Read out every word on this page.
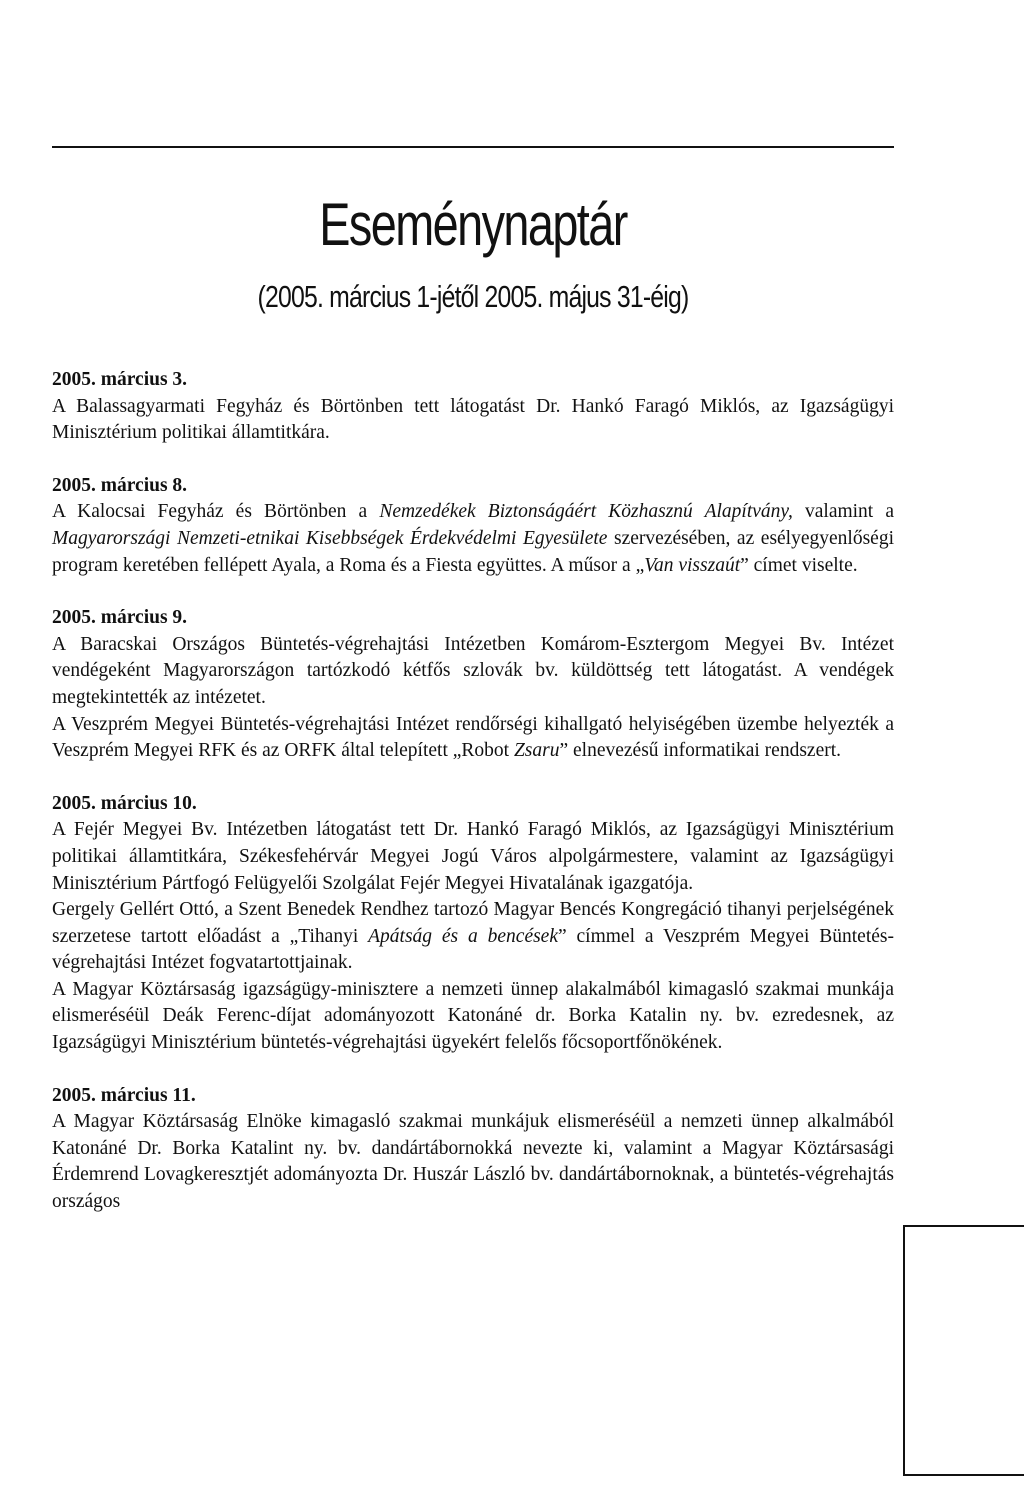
Eseménynaptár
(2005. március 1-jétől 2005. május 31-éig)
2005. március 3.

A Balassagyarmati Fegyház és Börtönben tett látogatást Dr. Hankó Faragó Miklós, az Igazságügyi Minisztérium politikai államtitkára.

2005. március 8.

A Kalocsai Fegyház és Börtönben a Nemzedékek Biztonságáért Közhasznú Alapítvány, valamint a Magyarországi Nemzeti-etnikai Kisebbségek Érdekvédelmi Egyesülete szervezésében, az esélyegyenlőségi program keretében fellépett Ayala, a Roma és a Fiesta együttes. A műsor a „Van visszaút” címet viselte.

2005. március 9.

A Baracskai Országos Büntetés-végrehajtási Intézetben Komárom-Esztergom Megyei Bv. Intézet vendégeként Magyarországon tartózkodó kétfős szlovák bv. küldöttség tett látogatást. A vendégek megtekintették az intézetet.

A Veszprém Megyei Büntetés-végrehajtási Intézet rendőrségi kihallgató helyiségében üzembe helyezték a Veszprém Megyei RFK és az ORFK által telepített „Robot Zsaru” elnevezésű informatikai rendszert.

2005. március 10.

A Fejér Megyei Bv. Intézetben látogatást tett Dr. Hankó Faragó Miklós, az Igazságügyi Minisztérium politikai államtitkára, Székesfehérvár Megyei Jogú Város alpolgármestere, valamint az Igazságügyi Minisztérium Pártfogó Felügyelői Szolgálat Fejér Megyei Hivatalának igazgatója.

Gergely Gellért Ottó, a Szent Benedek Rendhez tartozó Magyar Bencés Kongregáció tihanyi perjelségének szerzetese tartott előadást a „Tihanyi Apátság és a bencések” címmel a Veszprém Megyei Büntetés-végrehajtási Intézet fogvatartottjainak.

A Magyar Köztársaság igazságügy-minisztere a nemzeti ünnep alakalmából kimagasló szakmai munkája elismeréséül Deák Ferenc-díjat adományozott Katonáné dr. Borka Katalin ny. bv. ezredesnek, az Igazságügyi Minisztérium büntetés-végrehajtási ügyekért felelős főcsoportfőnökének.

2005. március 11.

A Magyar Köztársaság Elnöke kimagasló szakmai munkájuk elismeréséül a nemzeti ünnep alkalmából Katonáné Dr. Borka Katalint ny. bv. dandártábornokká nevezte ki, valamint a Magyar Köztársasági Érdemrend Lovagkeresztjét adományozta Dr. Huszár László bv. dandártábornoknak, a büntetés-végrehajtás országos
